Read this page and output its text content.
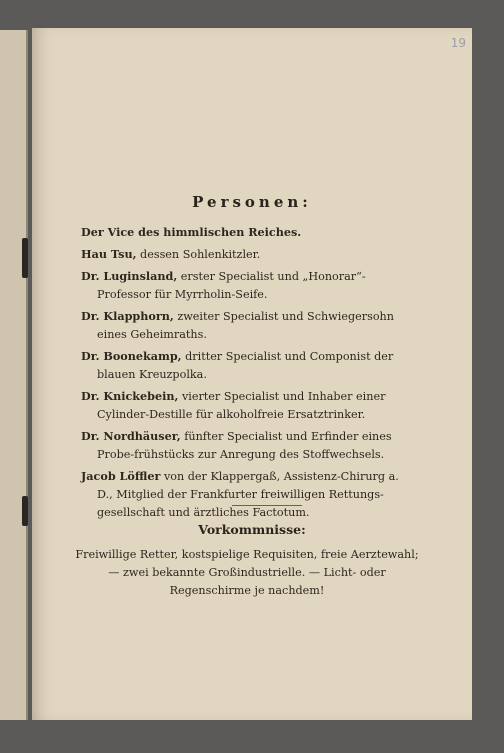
19
Personen:
Der Vice des himmlischen Reiches.
Hau Tsu, dessen Sohlenkitzler.
Dr. Luginsland, erster Specialist und „Honorar“-Professor für Myrrholin-Seife.
Dr. Klapphorn, zweiter Specialist und Schwiegersohn eines Geheimraths.
Dr. Boonekamp, dritter Specialist und Componist der blauen Kreuzpolka.
Dr. Knickebein, vierter Specialist und Inhaber einer Cylinder-Destille für alkoholfreie Ersatztrinker.
Dr. Nordhäuser, fünfter Specialist und Erfinder eines Probe-frühstücks zur Anregung des Stoffwechsels.
Jacob Löffler von der Klappergaß, Assistenz-Chirurg a. D., Mitglied der Frankfurter freiwilligen Rettungs-gesellschaft und ärztliches Factotum.
Vorkommnisse:
Freiwillige Retter, kostspielige Requisiten, freie Aerztewahl; — zwei bekannte Großindustrielle. — Licht- oder Regenschirme je nachdem!
